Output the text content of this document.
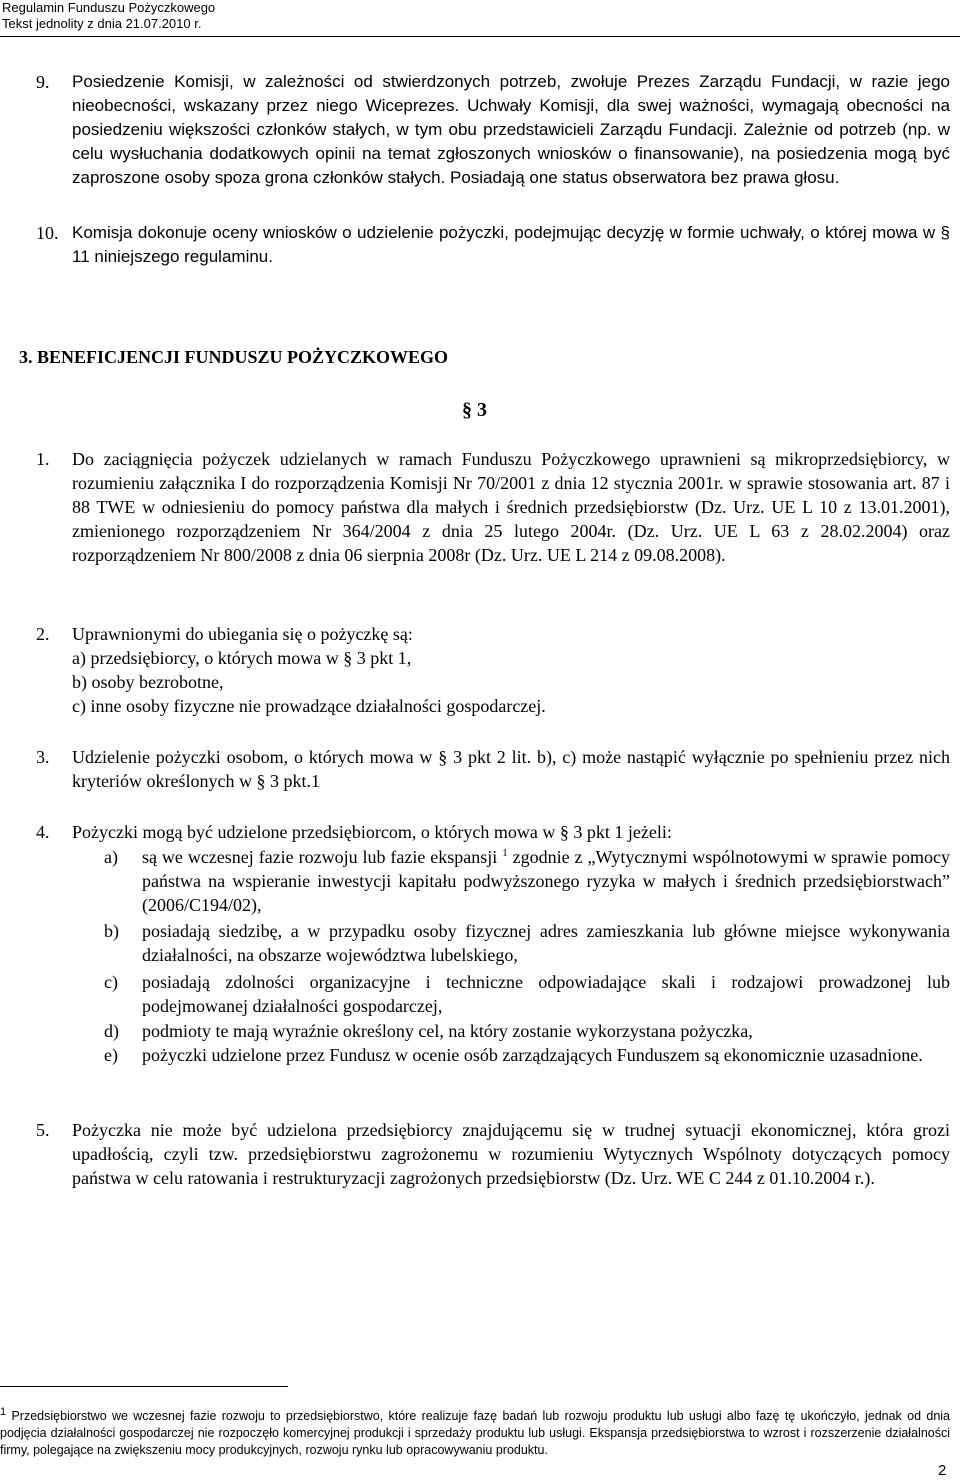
Regulamin Funduszu Pożyczkowego
Tekst jednolity z dnia 21.07.2010 r.
9. Posiedzenie Komisji, w zależności od stwierdzonych potrzeb, zwołuje Prezes Zarządu Fundacji, w razie jego nieobecności, wskazany przez niego Wiceprezes. Uchwały Komisji, dla swej ważności, wymagają obecności na posiedzeniu większości członków stałych, w tym obu przedstawicieli Zarządu Fundacji. Zależnie od potrzeb (np. w celu wysłuchania dodatkowych opinii na temat zgłoszonych wniosków o finansowanie), na posiedzenia mogą być zaproszone osoby spoza grona członków stałych. Posiadają one status obserwatora bez prawa głosu.
10. Komisja dokonuje oceny wniosków o udzielenie pożyczki, podejmując decyzję w formie uchwały, o której mowa w § 11 niniejszego regulaminu.
3. BENEFICJENCJI FUNDUSZU POŻYCZKOWEGO
§ 3
1. Do zaciągnięcia pożyczek udzielanych w ramach Funduszu Pożyczkowego uprawnieni są mikroprzedsiębiorcy, w rozumieniu załącznika I do rozporządzenia Komisji Nr 70/2001 z dnia 12 stycznia 2001r. w sprawie stosowania art. 87 i 88 TWE w odniesieniu do pomocy państwa dla małych i średnich przedsiębiorstw (Dz. Urz. UE L 10 z 13.01.2001), zmienionego rozporządzeniem Nr 364/2004 z dnia 25 lutego 2004r. (Dz. Urz. UE L 63 z 28.02.2004) oraz rozporządzeniem Nr 800/2008 z dnia 06 sierpnia 2008r (Dz. Urz. UE L 214 z 09.08.2008).
2. Uprawnionymi do ubiegania się o pożyczkę są:
a) przedsiębiorcy, o których mowa w § 3 pkt 1,
b) osoby bezrobotne,
c) inne osoby fizyczne nie prowadzące działalności gospodarczej.
3. Udzielenie pożyczki osobom, o których mowa w § 3 pkt 2 lit. b), c) może nastąpić wyłącznie po spełnieniu przez nich kryteriów określonych w § 3 pkt.1
4. Pożyczki mogą być udzielone przedsiębiorcom, o których mowa w § 3 pkt 1 jeżeli:
a) są we wczesnej fazie rozwoju lub fazie ekspansji $^1$ zgodnie z „Wytycznymi wspólnotowymi w sprawie pomocy państwa na wspieranie inwestycji kapitału podwyższonego ryzyka w małych i średnich przedsiębiorstwach” (2006/C194/02),
b) posiadają siedzibę, a w przypadku osoby fizycznej adres zamieszkania lub główne miejsce wykonywania działalności, na obszarze województwa lubelskiego,
c) posiadają zdolności organizacyjne i techniczne odpowiadające skali i rodzajowi prowadzonej lub podejmowanej działalności gospodarczej,
d) podmioty te mają wyraźnie określony cel, na który zostanie wykorzystana pożyczka,
e) pożyczki udzielone przez Fundusz w ocenie osób zarządzających Funduszem są ekonomicznie uzasadnione.
5. Pożyczka nie może być udzielona przedsiębiorcy znajdującemu się w trudnej sytuacji ekonomicznej, która grozi upadłością, czyli tzw. przedsiębiorstwu zagrożonemu w rozumieniu Wytycznych Wspólnoty dotyczących pomocy państwa w celu ratowania i restrukturyzacji zagrożonych przedsiębiorstw (Dz. Urz. WE C 244 z 01.10.2004 r.).
$^1$ Przedsiębiorstwo we wczesnej fazie rozwoju to przedsiębiorstwo, które realizuje fazę badań lub rozwoju produktu lub usługi albo fazę tę ukończyło, jednak od dnia podjęcia działalności gospodarczej nie rozpoczęło komercyjnej produkcji i sprzedaży produktu lub usługi. Ekspansja przedsiębiorstwa to wzrost i rozszerzenie działalności firmy, polegające na zwiększeniu mocy produkcyjnych, rozwoju rynku lub opracowywaniu produktu.
2
